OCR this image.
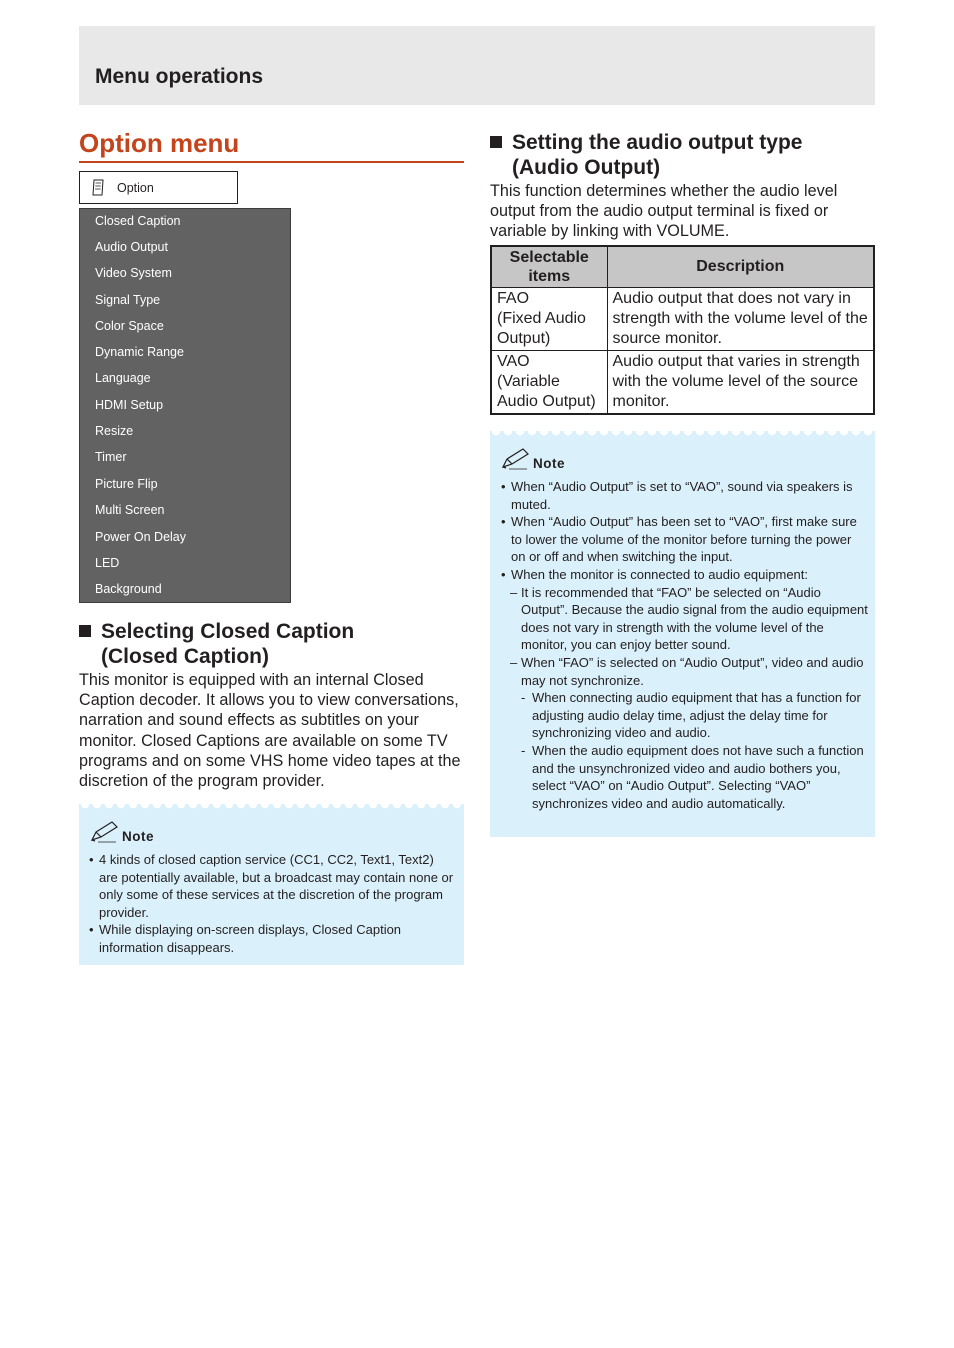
Menu operations
Option menu
Option
Closed Caption
Audio Output
Video System
Signal Type
Color Space
Dynamic Range
Language
HDMI Setup
Resize
Timer
Picture Flip
Multi Screen
Power On Delay
LED
Background
Selecting Closed Caption
(Closed Caption)

This monitor is equipped with an internal Closed Caption decoder. It allows you to view conversations, narration and sound effects as subtitles on your monitor. Closed Captions are available on some TV programs and on some VHS home video tapes at the discretion of the program provider.

Note

• 4 kinds of closed caption service (CC1, CC2, Text1, Text2) are potentially available, but a broadcast may contain none or only some of these services at the discretion of the program provider.

• While displaying on-screen displays, Closed Caption information disappears.

Setting the audio output type
(Audio Output)

This function determines whether the audio level output from the audio output terminal is fixed or variable by linking with VOLUME.

Selectable items	Description

FAO
(Fixed Audio
Output)	Audio output that does not vary in strength with the volume level of the source monitor.

VAO
(Variable
Audio Output)	Audio output that varies in strength with the volume level of the source monitor.
Note

• When “Audio Output” is set to “VAO”, sound via speakers is muted.

• When “Audio Output” has been set to “VAO”, first make sure to lower the volume of the monitor before turning the power on or off and when switching the input.

• When the monitor is connected to audio equipment:

– It is recommended that “FAO” be selected on “Audio Output”. Because the audio signal from the audio equipment does not vary in strength with the volume level of the monitor, you can enjoy better sound.

– When “FAO” is selected on “Audio Output”, video and audio may not synchronize.

- When connecting audio equipment that has a function for adjusting audio delay time, adjust the delay time for synchronizing video and audio.

- When the audio equipment does not have such a function and the unsynchronized video and audio bothers you, select “VAO” on “Audio Output”. Selecting “VAO” synchronizes video and audio automatically.
